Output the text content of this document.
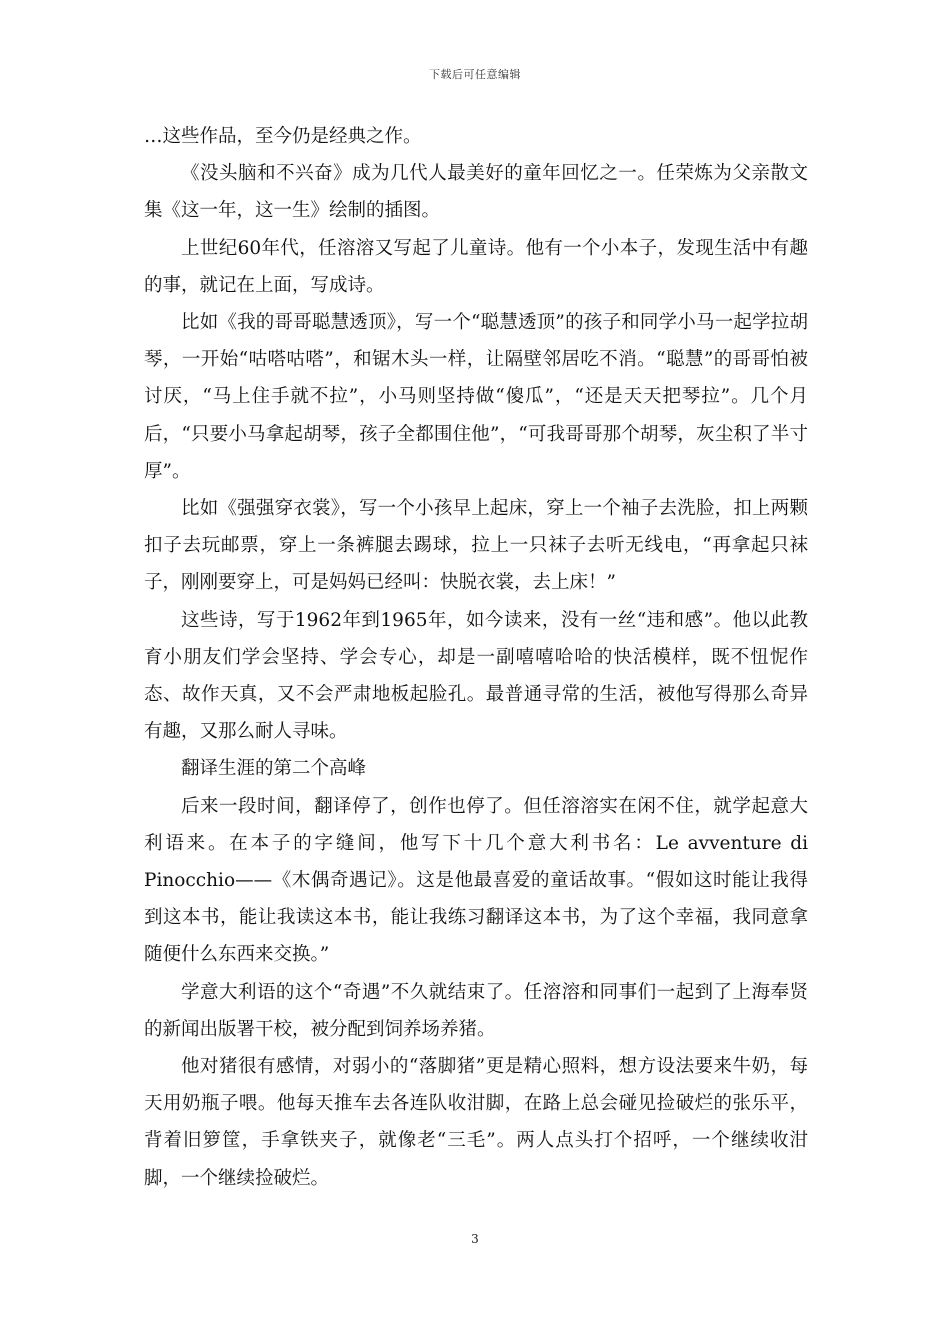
下载后可任意编辑

…这些作品，至今仍是经典之作。

《没头脑和不兴奋》成为几代人最美好的童年回忆之一。任荣炼为父亲散文集《这一年，这一生》绘制的插图。

上世纪60年代，任溶溶又写起了儿童诗。他有一个小本子，发现生活中有趣的事，就记在上面，写成诗。

比如《我的哥哥聪慧透顶》，写一个“聪慧透顶”的孩子和同学小马一起学拉胡琴，一开始“咕嗒咕嗒”，和锯木头一样，让隔壁邻居吃不消。“聪慧”的哥哥怕被讨厌，“马上住手就不拉”，小马则坚持做“傻瓜”，“还是天天把琴拉”。几个月后，“只要小马拿起胡琴，孩子全都围住他”，“可我哥哥那个胡琴，灰尘积了半寸厚”。

比如《强强穿衣裳》，写一个小孩早上起床，穿上一个袖子去洗脸，扣上两颗扣子去玩邮票，穿上一条裤腿去踢球，拉上一只袜子去听无线电，“再拿起只袜子，刚刚要穿上，可是妈妈已经叫：快脱衣裳，去上床！”

这些诗，写于1962年到1965年，如今读来，没有一丝“违和感”。他以此教育小朋友们学会坚持、学会专心，却是一副嘻嘻哈哈的快活模样，既不忸怩作态、故作天真，又不会严肃地板起脸孔。最普通寻常的生活，被他写得那么奇异有趣，又那么耐人寻味。

翻译生涯的第二个高峰

后来一段时间，翻译停了，创作也停了。但任溶溶实在闲不住，就学起意大利语来。在本子的字缝间，他写下十几个意大利书名：Le avventure di Pinocchio——《木偶奇遇记》。这是他最喜爱的童话故事。“假如这时能让我得到这本书，能让我读这本书，能让我练习翻译这本书，为了这个幸福，我同意拿随便什么东西来交换。”

学意大利语的这个“奇遇”不久就结束了。任溶溶和同事们一起到了上海奉贤的新闻出版署干校，被分配到饲养场养猪。

他对猪很有感情，对弱小的“落脚猪”更是精心照料，想方设法要来牛奶，每天用奶瓶子喂。他每天推车去各连队收泔脚，在路上总会碰见捡破烂的张乐平，背着旧箩筐，手拿铁夹子，就像老“三毛”。两人点头打个招呼，一个继续收泔脚，一个继续捡破烂。

3
